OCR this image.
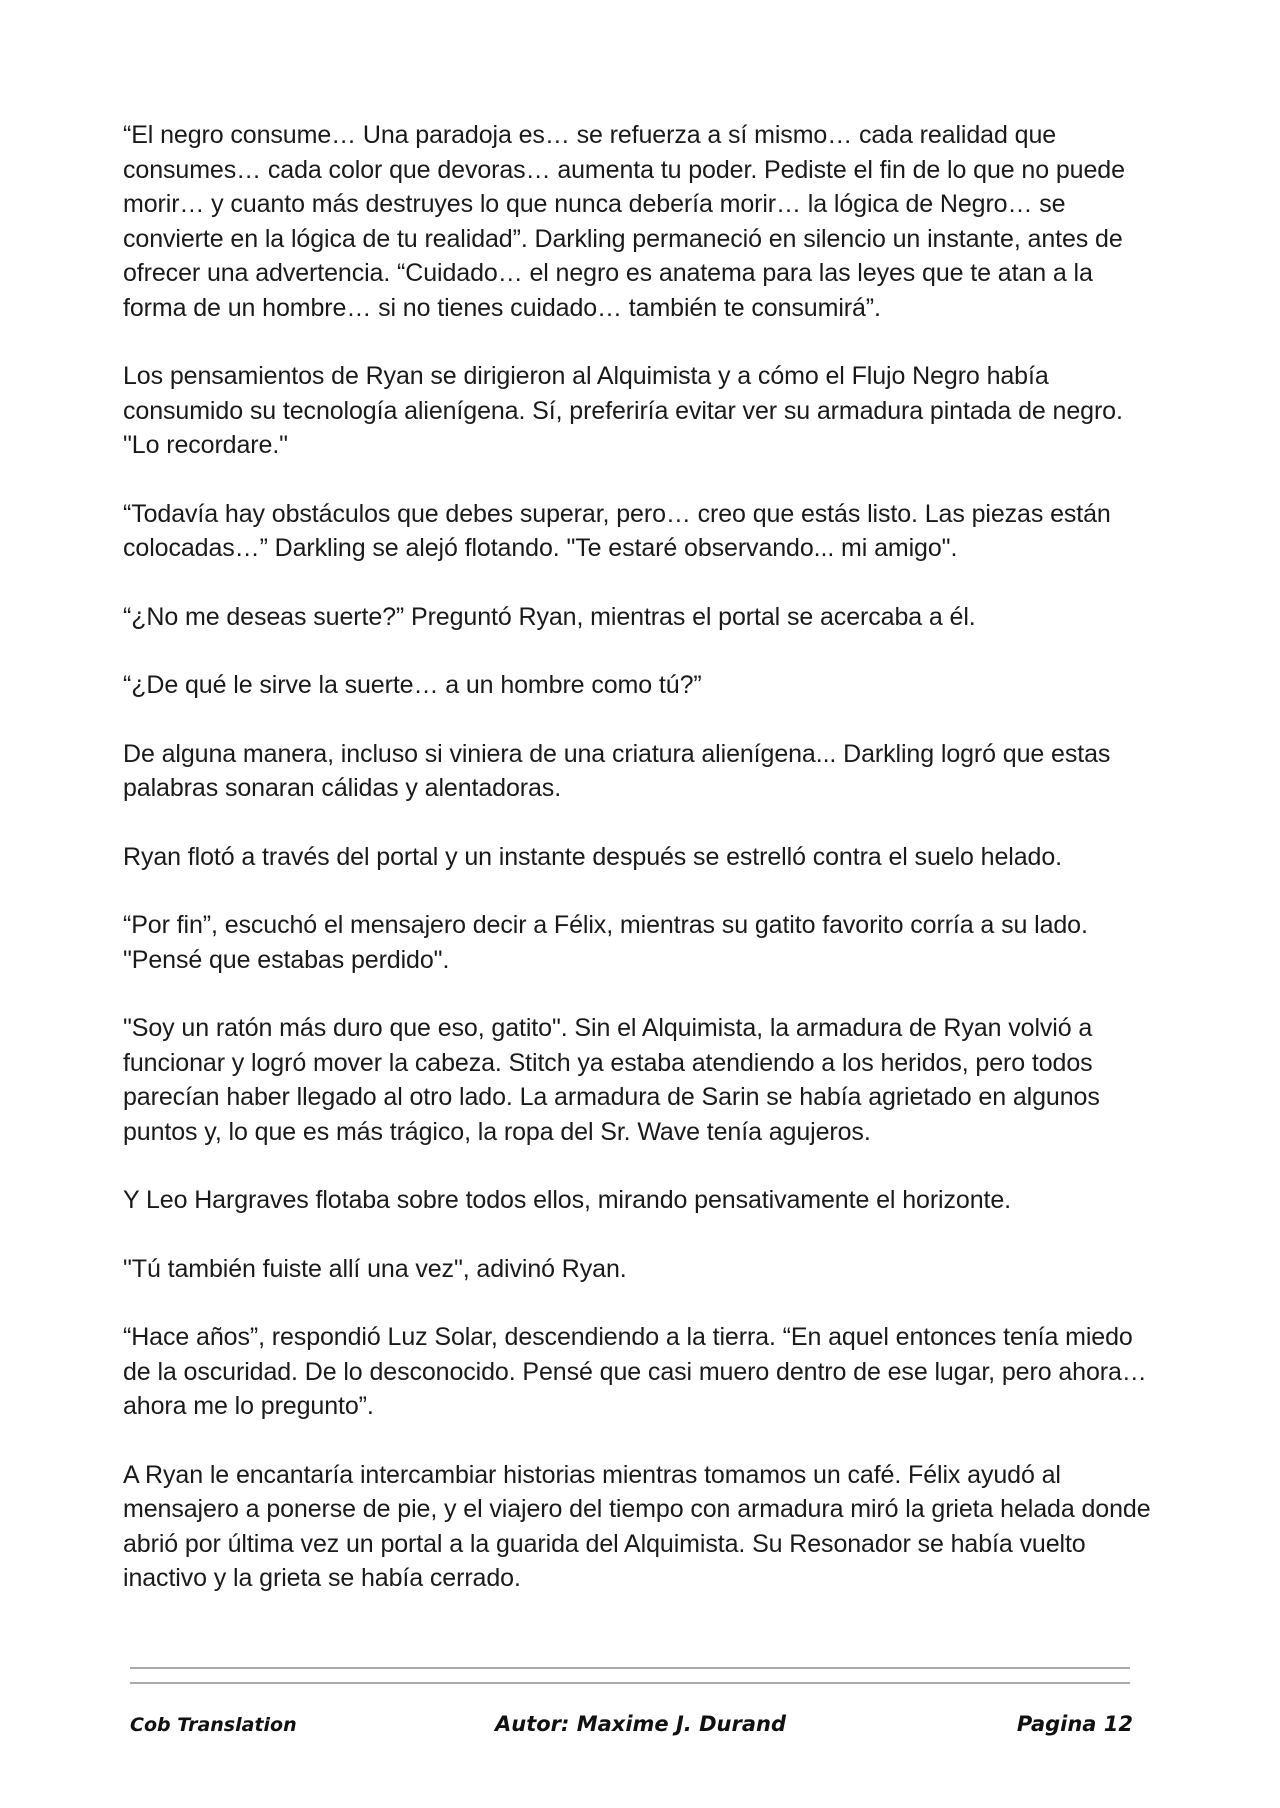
“El negro consume… Una paradoja es… se refuerza a sí mismo… cada realidad que consumes… cada color que devoras… aumenta tu poder. Pediste el fin de lo que no puede morir… y cuanto más destruyes lo que nunca debería morir… la lógica de Negro… se convierte en la lógica de tu realidad”. Darkling permaneció en silencio un instante, antes de ofrecer una advertencia. “Cuidado… el negro es anatema para las leyes que te atan a la forma de un hombre… si no tienes cuidado… también te consumirá”.

Los pensamientos de Ryan se dirigieron al Alquimista y a cómo el Flujo Negro había consumido su tecnología alienígena. Sí, preferiría evitar ver su armadura pintada de negro. "Lo recordare."

“Todavía hay obstáculos que debes superar, pero… creo que estás listo. Las piezas están colocadas…” Darkling se alejó flotando. "Te estaré observando... mi amigo".

“¿No me deseas suerte?” Preguntó Ryan, mientras el portal se acercaba a él.

“¿De qué le sirve la suerte… a un hombre como tú?”

De alguna manera, incluso si viniera de una criatura alienígena... Darkling logró que estas palabras sonaran cálidas y alentadoras.

Ryan flotó a través del portal y un instante después se estrelló contra el suelo helado.

“Por fin”, escuchó el mensajero decir a Félix, mientras su gatito favorito corría a su lado. "Pensé que estabas perdido".

"Soy un ratón más duro que eso, gatito". Sin el Alquimista, la armadura de Ryan volvió a funcionar y logró mover la cabeza. Stitch ya estaba atendiendo a los heridos, pero todos parecían haber llegado al otro lado. La armadura de Sarin se había agrietado en algunos puntos y, lo que es más trágico, la ropa del Sr. Wave tenía agujeros.

Y Leo Hargraves flotaba sobre todos ellos, mirando pensativamente el horizonte.

"Tú también fuiste allí una vez", adivinó Ryan.

“Hace años”, respondió Luz Solar, descendiendo a la tierra. “En aquel entonces tenía miedo de la oscuridad. De lo desconocido. Pensé que casi muero dentro de ese lugar, pero ahora… ahora me lo pregunto”.

A Ryan le encantaría intercambiar historias mientras tomamos un café. Félix ayudó al mensajero a ponerse de pie, y el viajero del tiempo con armadura miró la grieta helada donde abrió por última vez un portal a la guarida del Alquimista. Su Resonador se había vuelto inactivo y la grieta se había cerrado.

Cob Translation	Autor: Maxime J. Durand	Pagina 12
